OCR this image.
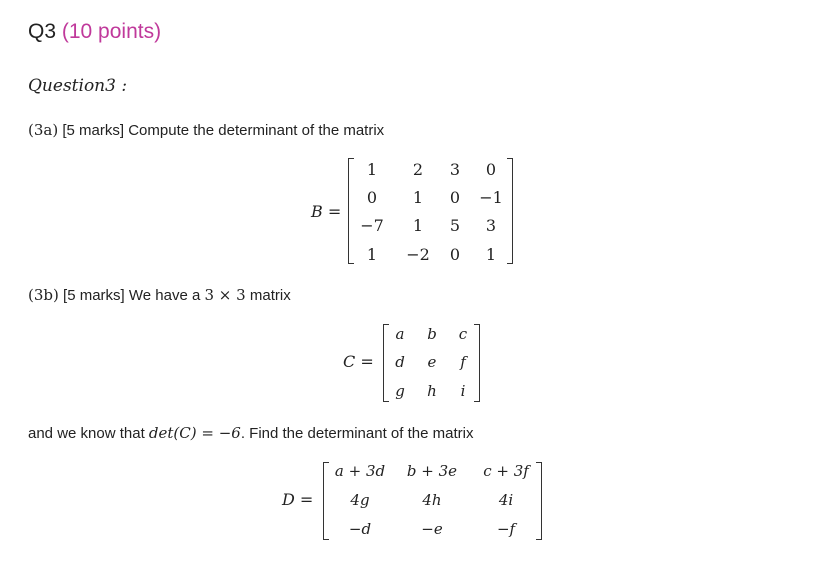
Q3 (10 points)
Question3 :
(3a) [5 marks] Compute the determinant of the matrix
B =
1	2	3	0
0	1	0	−1
−7	1	5	3
1	−2	0	1
(3b) [5 marks] We have a 3 × 3 matrix
C =
a	b	c
d	e	f
g	h	i
and we know that det(C) = −6. Find the determinant of the matrix
D =
a + 3d	b + 3e	c + 3f
4g	4h	4i
−d	−e	−f
